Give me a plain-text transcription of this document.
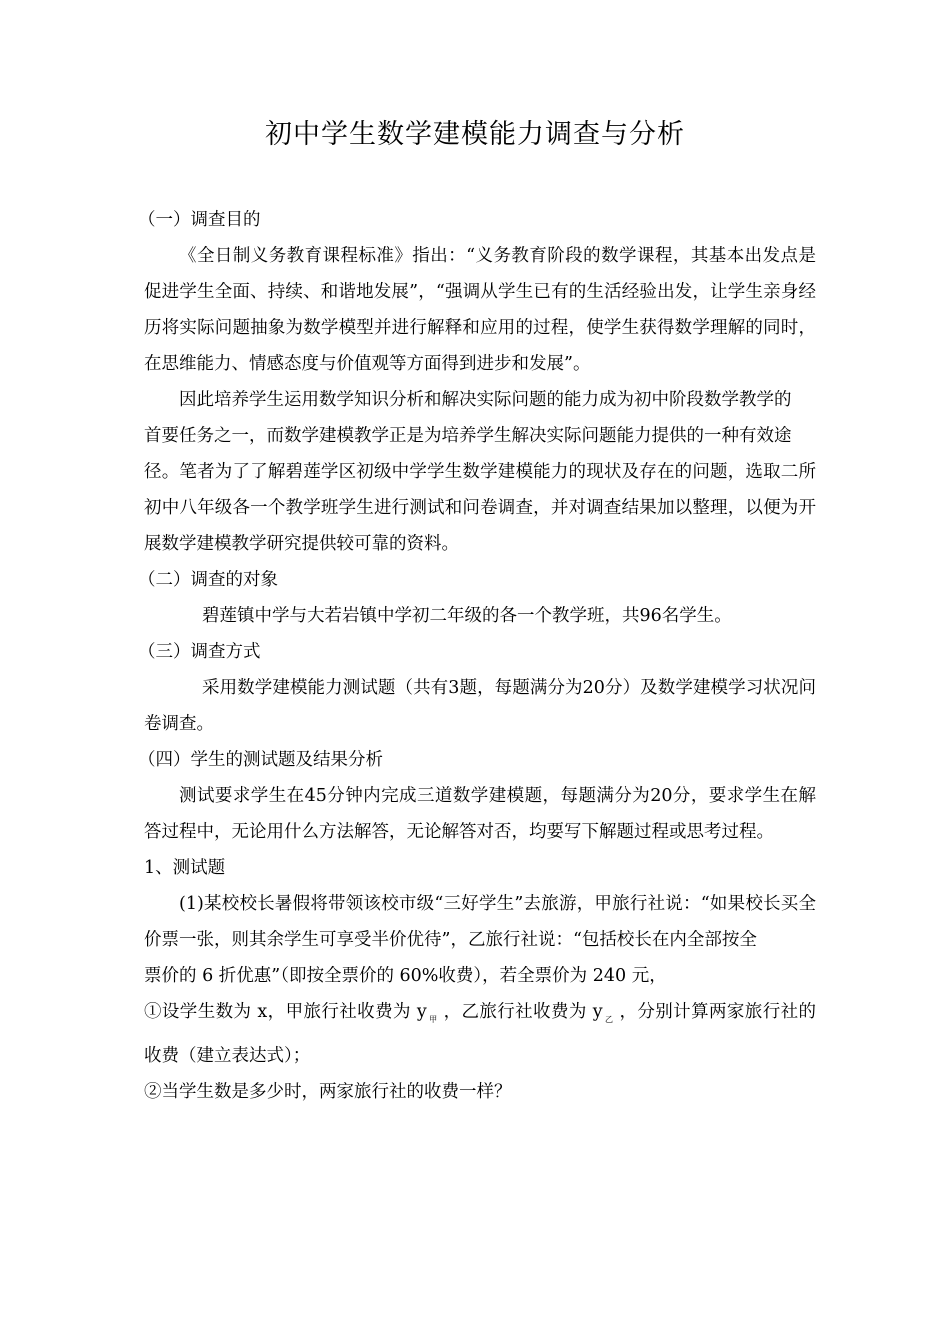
初中学生数学建模能力调查与分析

（一）调查目的

《全日制义务教育课程标准》指出：“义务教育阶段的数学课程，其基本出发点是促进学生全面、持续、和谐地发展”，“强调从学生已有的生活经验出发，让学生亲身经历将实际问题抽象为数学模型并进行解释和应用的过程，使学生获得数学理解的同时，在思维能力、情感态度与价值观等方面得到进步和发展”。

因此培养学生运用数学知识分析和解决实际问题的能力成为初中阶段数学教学的

首要任务之一，而数学建模教学正是为培养学生解决实际问题能力提供的一种有效途

径。笔者为了了解碧莲学区初级中学学生数学建模能力的现状及存在的问题，选取二所初中八年级各一个教学班学生进行测试和问卷调查，并对调查结果加以整理，以便为开展数学建模教学研究提供较可靠的资料。

（二）调查的对象

碧莲镇中学与大若岩镇中学初二年级的各一个教学班，共96名学生。

（三）调查方式

采用数学建模能力测试题（共有3题，每题满分为20分）及数学建模学习状况问卷调查。

（四）学生的测试题及结果分析

测试要求学生在45分钟内完成三道数学建模题，每题满分为20分，要求学生在解答过程中，无论用什么方法解答，无论解答对否，均要写下解题过程或思考过程。

1、测试题

(1)某校校长暑假将带领该校市级“三好学生”去旅游，甲旅行社说：“如果校长买全价票一张，则其余学生可享受半价优待”，乙旅行社说：“包括校长在内全部按全

票价的 6 折优惠”（即按全票价的 60%收费），若全票价为 240 元，

①设学生数为 x，甲旅行社收费为 y $_甲$ ，乙旅行社收费为 y $_乙$ ，分别计算两家旅行社的收费（建立表达式）；

②当学生数是多少时，两家旅行社的收费一样？
